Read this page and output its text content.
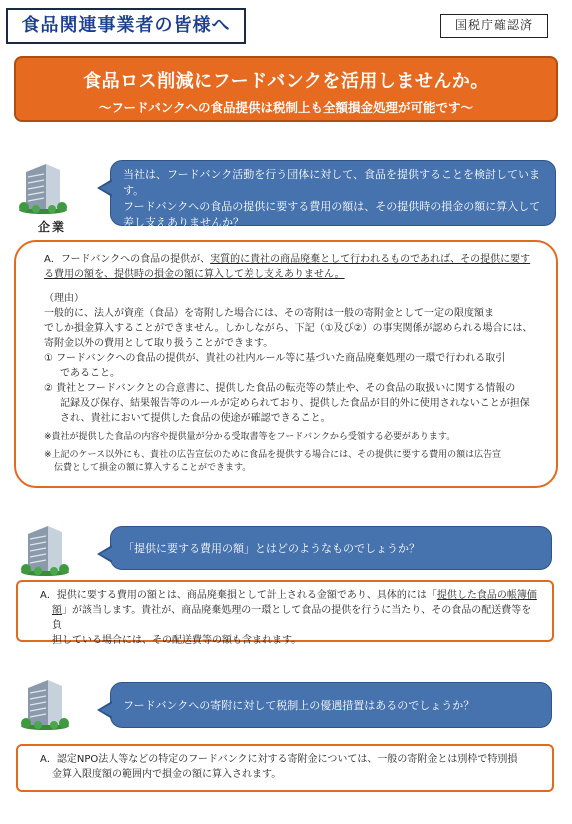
食品関連事業者の皆様へ	国税庁確認済
食品ロス削減にフードバンクを活用しませんか。
～フードバンクへの食品提供は税制上も全額損金処理が可能です～
企業
当社は、フードバンク活動を行う団体に対して、食品を提供することを検討しています。
フードバンクへの食品の提供に要する費用の額は、その提供時の損金の額に算入して
差し支えありませんか？
A．フードバンクへの食品の提供が、実質的に貴社の商品廃棄として行われるものであれば、その提供に要す
る費用の額を、提供時の損金の額に算入して差し支えありません。
（理由）
一般的に、法人が資産（食品）を寄附した場合には、その寄附は一般の寄附金として一定の限度額ま
でしか損金算入することができません。しかしながら、下記（①及び②）の事実関係が認められる場合には、
寄附金以外の費用として取り扱うことができます。
① フードバンクへの食品の提供が、貴社の社内ルール等に基づいた商品廃棄処理の一環で行われる取引
であること。
② 貴社とフードバンクとの合意書に、提供した食品の転売等の禁止や、その食品の取扱いに関する情報の
記録及び保存、結果報告等のルールが定められており、提供した食品が目的外に使用されないことが担保
され、貴社において提供した食品の使途が確認できること。
※貴社が提供した食品の内容や提供量が分かる受取書等をフードバンクから受領する必要があります。
※上記のケース以外にも、貴社の広告宣伝のために食品を提供する場合には、その提供に要する費用の額は広告宣
伝費として損金の額に算入することができます。
「提供に要する費用の額」とはどのようなものでしょうか？
A．提供に要する費用の額とは、商品廃棄損として計上される金額であり、具体的には「提供した食品の帳簿価
額」が該当します。貴社が、商品廃棄処理の一環として食品の提供を行うに当たり、その食品の配送費等を負
担している場合には、その配送費等の額も含まれます。
フードバンクへの寄附に対して税制上の優遇措置はあるのでしょうか？
A．認定NPO法人等などの特定のフードバンクに対する寄附金については、一般の寄附金とは別枠で特別損
金算入限度額の範囲内で損金の額に算入されます。
